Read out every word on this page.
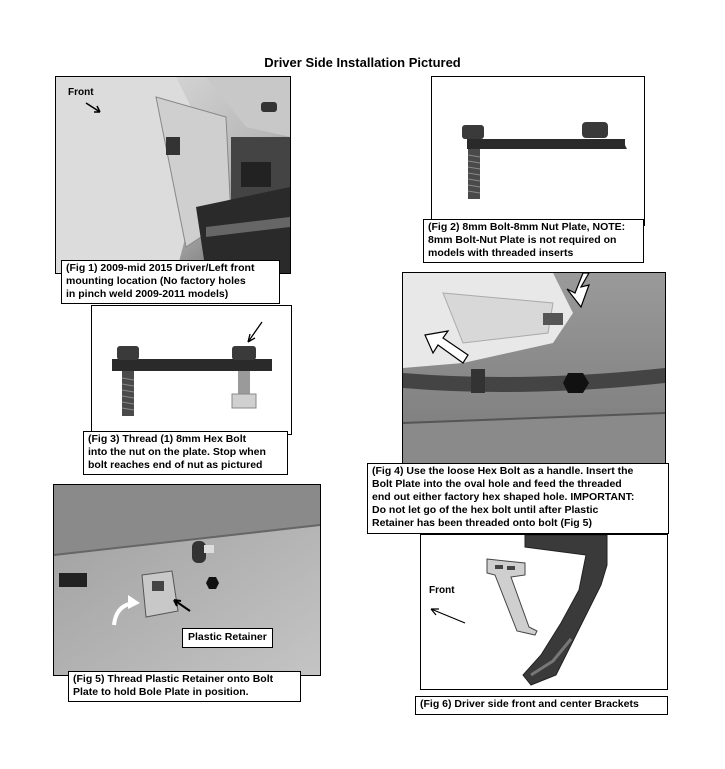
Driver Side Installation Pictured
Front
(Fig 1) 2009-mid 2015 Driver/Left front
mounting location (No factory holes
in pinch weld 2009-2011 models)
(Fig 2) 8mm Bolt-8mm Nut Plate, NOTE:
8mm Bolt-Nut Plate is not required on
models with threaded inserts
(Fig 3) Thread (1) 8mm Hex Bolt
into the nut on the plate. Stop when
bolt reaches end of nut as pictured	(Fig 4) Use the loose Hex Bolt as a handle. Insert the
Bolt Plate into the oval hole and feed the threaded
end out either factory hex shaped hole. IMPORTANT:
Do not let go of the hex bolt until after Plastic
Retainer has been threaded onto bolt (Fig 5)
Plastic Retainer
(Fig 5) Thread Plastic Retainer onto Bolt
Plate to hold Bole Plate in position.
Front
(Fig 6) Driver side front and center Brackets
